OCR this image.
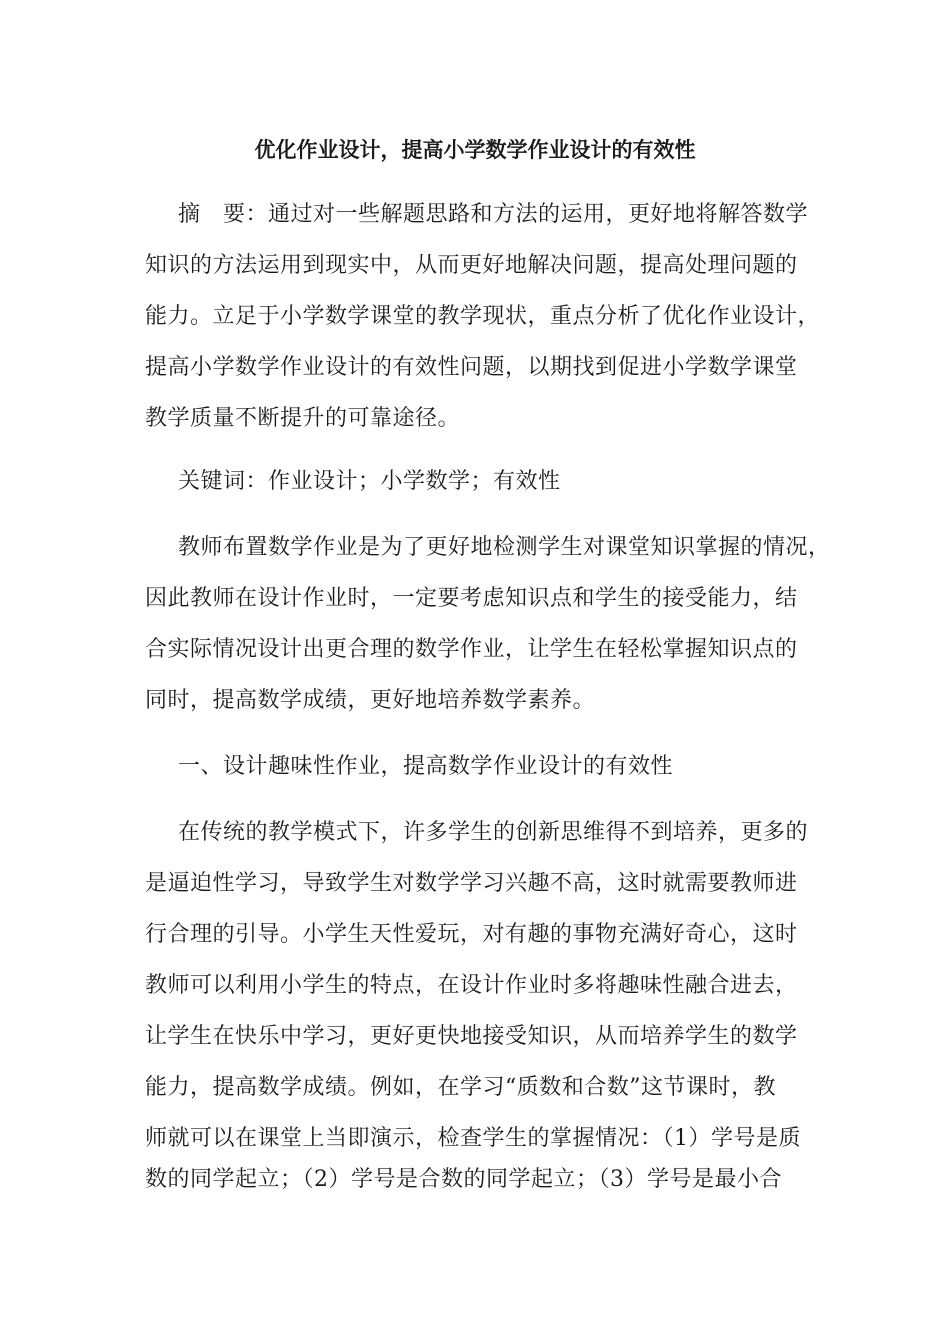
优化作业设计，提高小学数学作业设计的有效性
摘　要：通过对一些解题思路和方法的运用，更好地将解答数学
知识的方法运用到现实中，从而更好地解决问题，提高处理问题的
能力。立足于小学数学课堂的教学现状，重点分析了优化作业设计，
提高小学数学作业设计的有效性问题，以期找到促进小学数学课堂
教学质量不断提升的可靠途径。
关键词：作业设计；小学数学；有效性
教师布置数学作业是为了更好地检测学生对课堂知识掌握的情况，
因此教师在设计作业时，一定要考虑知识点和学生的接受能力，结
合实际情况设计出更合理的数学作业，让学生在轻松掌握知识点的
同时，提高数学成绩，更好地培养数学素养。
一、设计趣味性作业，提高数学作业设计的有效性
在传统的教学模式下，许多学生的创新思维得不到培养，更多的
是逼迫性学习，导致学生对数学学习兴趣不高，这时就需要教师进
行合理的引导。小学生天性爱玩，对有趣的事物充满好奇心，这时
教师可以利用小学生的特点，在设计作业时多将趣味性融合进去，
让学生在快乐中学习，更好更快地接受知识，从而培养学生的数学
能力，提高数学成绩。例如，在学习“质数和合数”这节课时，教
师就可以在课堂上当即演示，检查学生的掌握情况：（1）学号是质
数的同学起立；（2）学号是合数的同学起立；（3）学号是最小合
